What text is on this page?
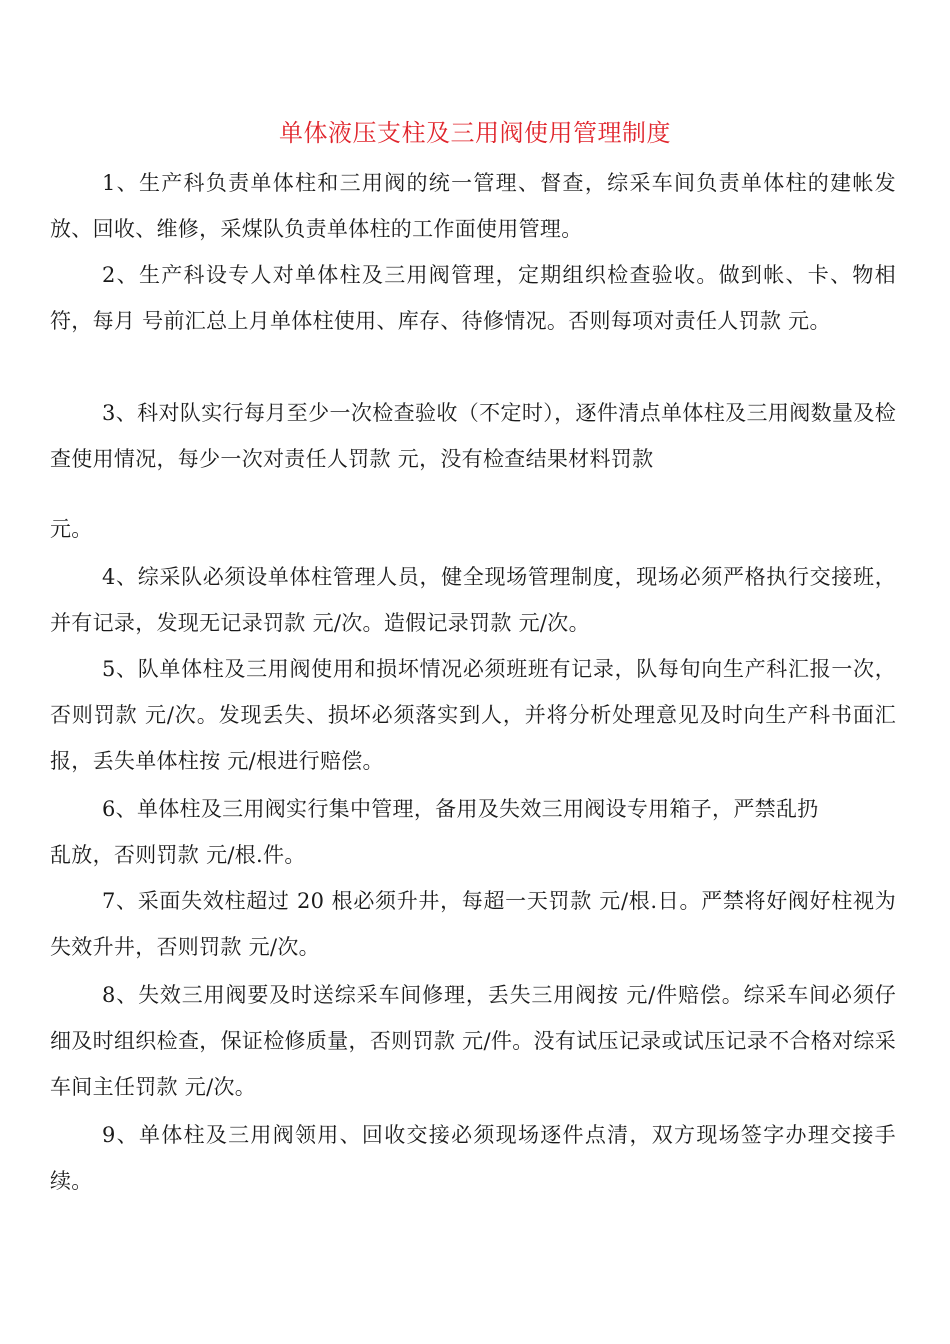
单体液压支柱及三用阀使用管理制度
1、生产科负责单体柱和三用阀的统一管理、督查，综采车间负责单体柱的建帐发放、回收、维修，采煤队负责单体柱的工作面使用管理。
2、生产科设专人对单体柱及三用阀管理，定期组织检查验收。做到帐、卡、物相符，每月 号前汇总上月单体柱使用、库存、待修情况。否则每项对责任人罚款 元。
3、科对队实行每月至少一次检查验收（不定时），逐件清点单体柱及三用阀数量及检查使用情况，每少一次对责任人罚款 元，没有检查结果材料罚款
元。
4、综采队必须设单体柱管理人员，健全现场管理制度，现场必须严格执行交接班，并有记录，发现无记录罚款 元/次。造假记录罚款 元/次。
5、队单体柱及三用阀使用和损坏情况必须班班有记录，队每旬向生产科汇报一次，否则罚款 元/次。发现丢失、损坏必须落实到人，并将分析处理意见及时向生产科书面汇报，丢失单体柱按 元/根进行赔偿。
6、单体柱及三用阀实行集中管理，备用及失效三用阀设专用箱子，严禁乱扔
乱放，否则罚款 元/根.件。
7、采面失效柱超过 20 根必须升井，每超一天罚款 元/根.日。严禁将好阀好柱视为失效升井，否则罚款 元/次。
8、失效三用阀要及时送综采车间修理，丢失三用阀按 元/件赔偿。综采车间必须仔细及时组织检查，保证检修质量，否则罚款 元/件。没有试压记录或试压记录不合格对综采车间主任罚款 元/次。
9、单体柱及三用阀领用、回收交接必须现场逐件点清，双方现场签字办理交接手续。
